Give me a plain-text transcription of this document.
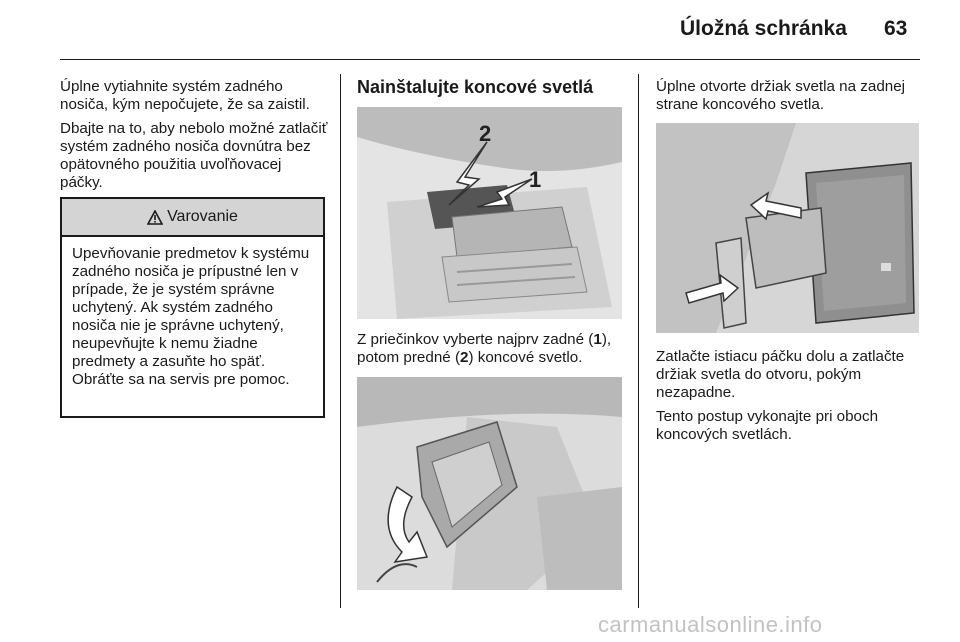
Úložná schránka 63

Úplne vytiahnite systém zadného nosiča, kým nepočujete, že sa zaistil.

Dbajte na to, aby nebolo možné zatlačiť systém zadného nosiča dovnútra bez opätovného použitia uvoľňovacej páčky.

Varovanie
Upevňovanie predmetov k systému zadného nosiča je prípustné len v prípade, že je systém správne uchytený. Ak systém zadného nosiča nie je správne uchytený, neupevňujte k nemu žiadne predmety a zasuňte ho späť. Obráťte sa na servis pre pomoc.
Nainštalujte koncové svetlá
2
1

Z priečinkov vyberte najprv zadné (1), potom predné (2) koncové svetlo.

Úplne otvorte držiak svetla na zadnej strane koncového svetla.

Zatlačte istiacu páčku dolu a zatlačte držiak svetla do otvoru, pokým nezapadne.

Tento postup vykonajte pri oboch koncových svetlách.

carmanualsonline.info
